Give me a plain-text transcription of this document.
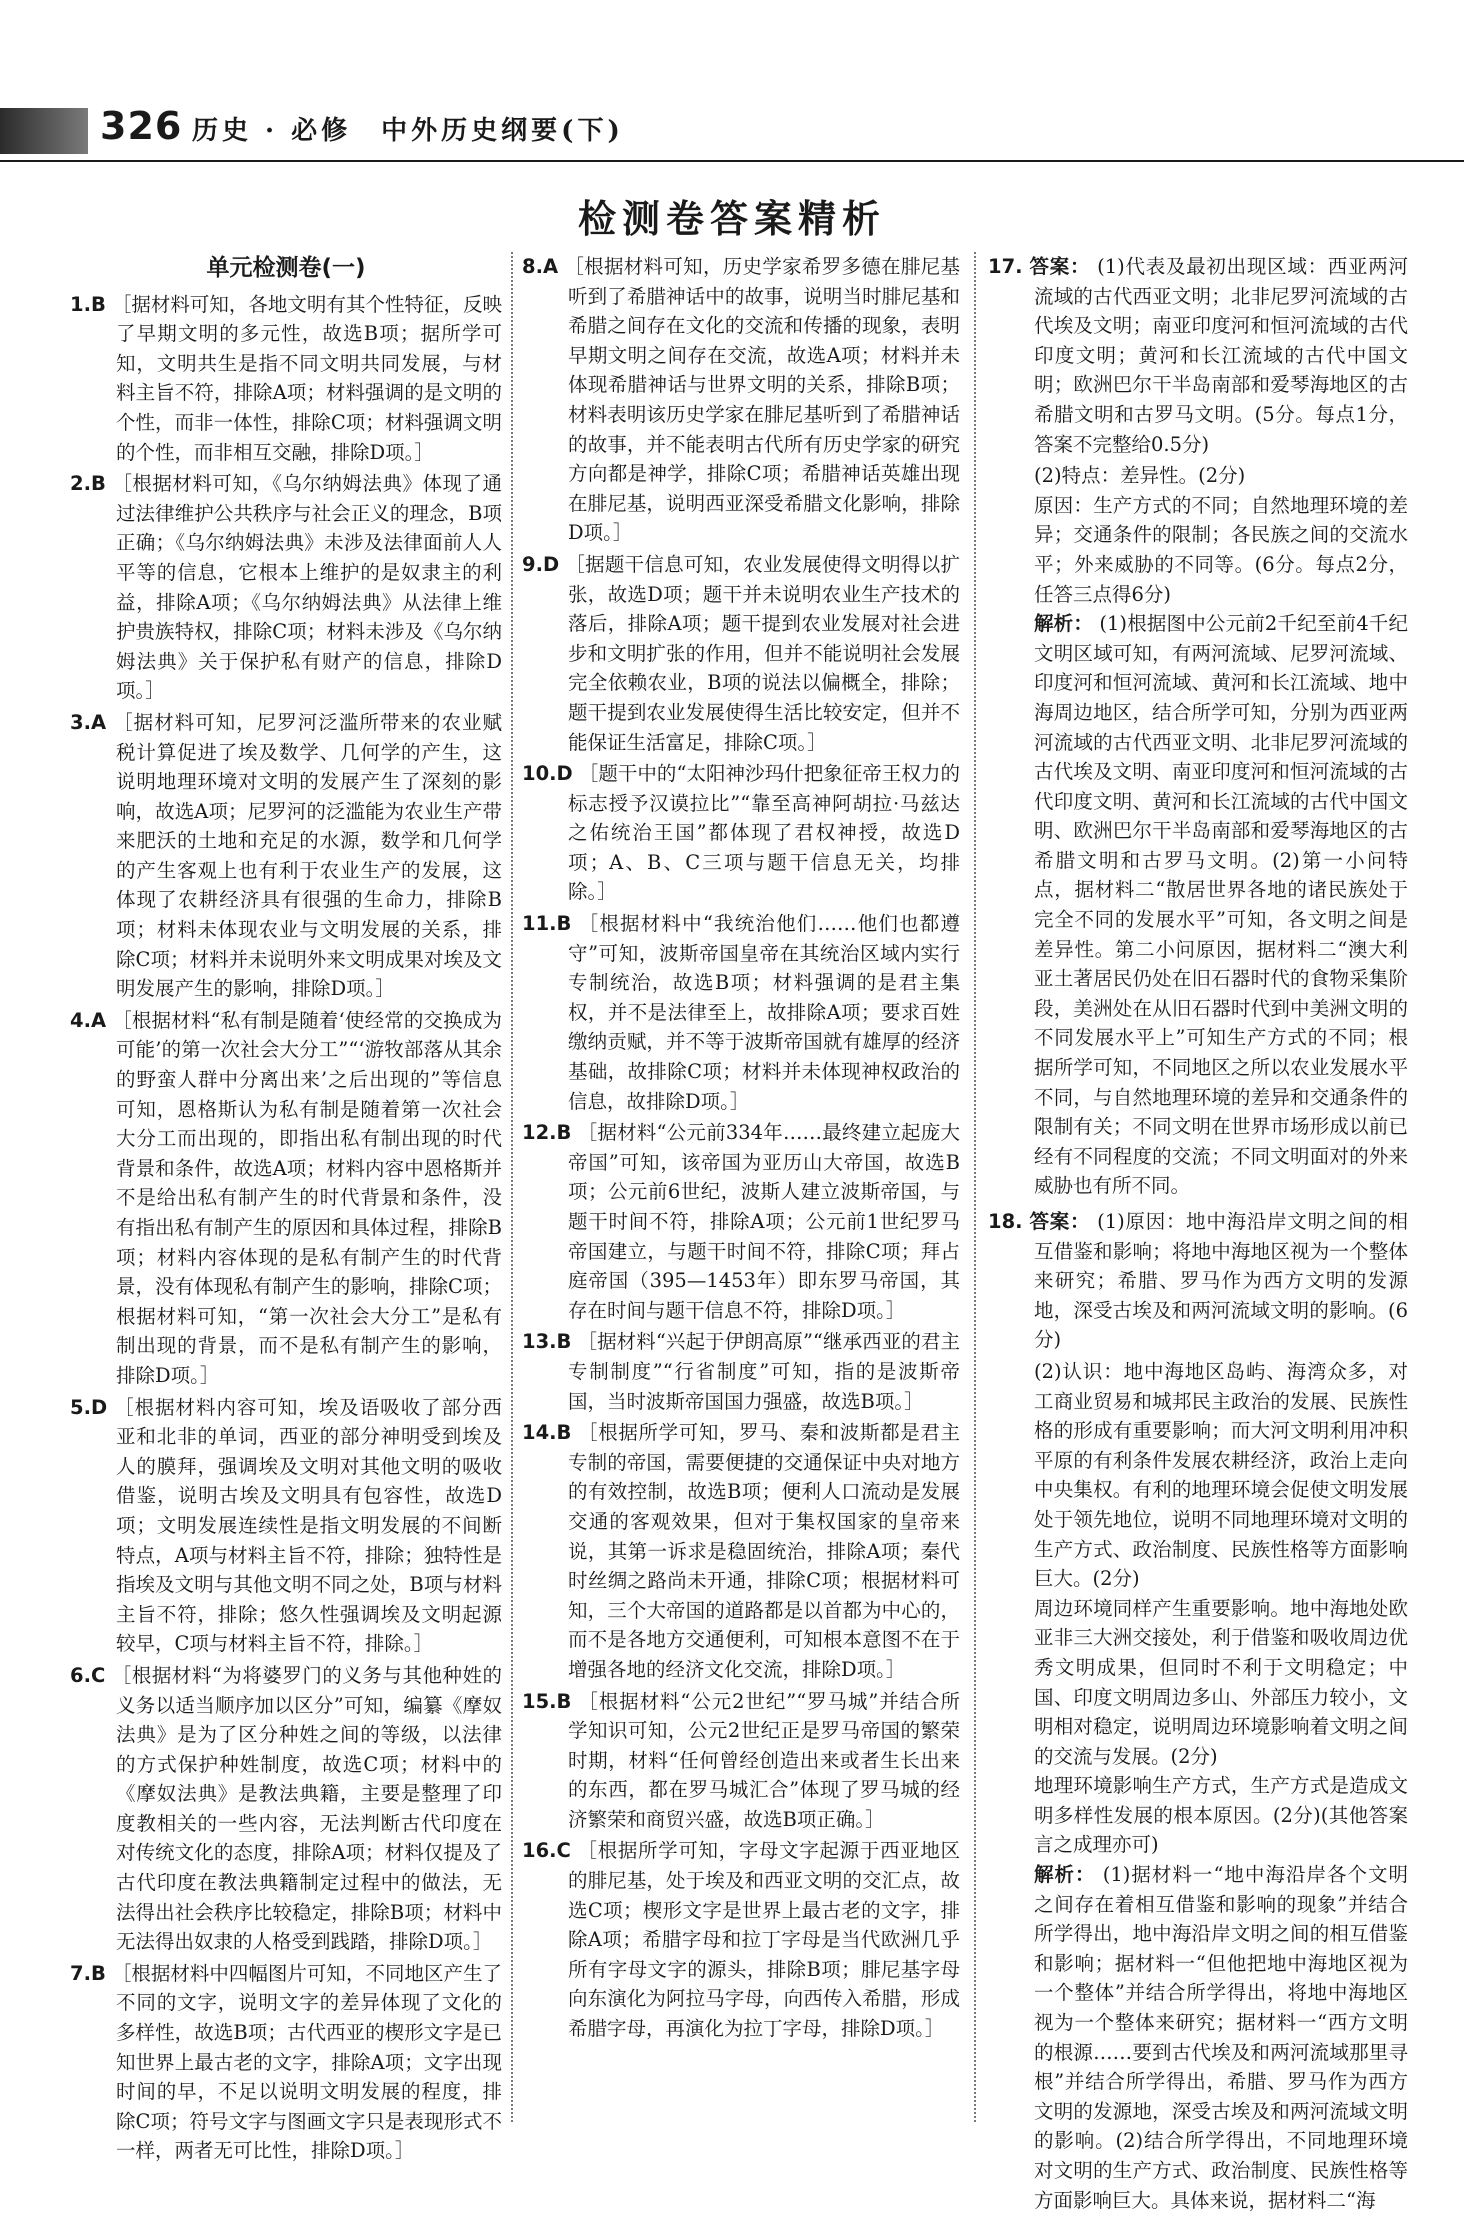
326 历史 · 必修　中外历史纲要(下)
检测卷答案精析
单元检测卷(一)
1.B ［据材料可知，各地文明有其个性特征，反映了早期文明的多元性，故选B项；据所学可知，文明共生是指不同文明共同发展，与材料主旨不符，排除A项；材料强调的是文明的个性，而非一体性，排除C项；材料强调文明的个性，而非相互交融，排除D项。］
2.B ［根据材料可知，《乌尔纳姆法典》体现了通过法律维护公共秩序与社会正义的理念，B项正确；《乌尔纳姆法典》未涉及法律面前人人平等的信息，它根本上维护的是奴隶主的利益，排除A项；《乌尔纳姆法典》从法律上维护贵族特权，排除C项；材料未涉及《乌尔纳姆法典》关于保护私有财产的信息，排除D项。］
3.A ［据材料可知，尼罗河泛滥所带来的农业赋税计算促进了埃及数学、几何学的产生，这说明地理环境对文明的发展产生了深刻的影响，故选A项；尼罗河的泛滥能为农业生产带来肥沃的土地和充足的水源，数学和几何学的产生客观上也有利于农业生产的发展，这体现了农耕经济具有很强的生命力，排除B项；材料未体现农业与文明发展的关系，排除C项；材料并未说明外来文明成果对埃及文明发展产生的影响，排除D项。］
4.A ［根据材料“私有制是随着‘使经常的交换成为可能’的第一次社会大分工”“‘游牧部落从其余的野蛮人群中分离出来’之后出现的”等信息可知，恩格斯认为私有制是随着第一次社会大分工而出现的，即指出私有制出现的时代背景和条件，故选A项；材料内容中恩格斯并不是给出私有制产生的时代背景和条件，没有指出私有制产生的原因和具体过程，排除B项；材料内容体现的是私有制产生的时代背景，没有体现私有制产生的影响，排除C项；根据材料可知，“第一次社会大分工”是私有制出现的背景，而不是私有制产生的影响，排除D项。］
5.D ［根据材料内容可知，埃及语吸收了部分西亚和北非的单词，西亚的部分神明受到埃及人的膜拜，强调埃及文明对其他文明的吸收借鉴，说明古埃及文明具有包容性，故选D项；文明发展连续性是指文明发展的不间断特点，A项与材料主旨不符，排除；独特性是指埃及文明与其他文明不同之处，B项与材料主旨不符，排除；悠久性强调埃及文明起源较早，C项与材料主旨不符，排除。］
6.C ［根据材料“为将婆罗门的义务与其他种姓的义务以适当顺序加以区分”可知，编纂《摩奴法典》是为了区分种姓之间的等级，以法律的方式保护种姓制度，故选C项；材料中的《摩奴法典》是教法典籍，主要是整理了印度教相关的一些内容，无法判断古代印度在对传统文化的态度，排除A项；材料仅提及了古代印度在教法典籍制定过程中的做法，无法得出社会秩序比较稳定，排除B项；材料中无法得出奴隶的人格受到践踏，排除D项。］
7.B ［根据材料中四幅图片可知，不同地区产生了不同的文字，说明文字的差异体现了文化的多样性，故选B项；古代西亚的楔形文字是已知世界上最古老的文字，排除A项；文字出现时间的早，不足以说明文明发展的程度，排除C项；符号文字与图画文字只是表现形式不一样，两者无可比性，排除D项。］
8.A ［根据材料可知，历史学家希罗多德在腓尼基听到了希腊神话中的故事，说明当时腓尼基和希腊之间存在文化的交流和传播的现象，表明早期文明之间存在交流，故选A项；材料并未体现希腊神话与世界文明的关系，排除B项；材料表明该历史学家在腓尼基听到了希腊神话的故事，并不能表明古代所有历史学家的研究方向都是神学，排除C项；希腊神话英雄出现在腓尼基，说明西亚深受希腊文化影响，排除D项。］
9.D ［据题干信息可知，农业发展使得文明得以扩张，故选D项；题干并未说明农业生产技术的落后，排除A项；题干提到农业发展对社会进步和文明扩张的作用，但并不能说明社会发展完全依赖农业，B项的说法以偏概全，排除；题干提到农业发展使得生活比较安定，但并不能保证生活富足，排除C项。］
10.D ［题干中的“太阳神沙玛什把象征帝王权力的标志授予汉谟拉比”“靠至高神阿胡拉·马兹达之佑统治王国”都体现了君权神授，故选D项；A、B、C三项与题干信息无关，均排除。］
11.B ［根据材料中“我统治他们……他们也都遵守”可知，波斯帝国皇帝在其统治区域内实行专制统治，故选B项；材料强调的是君主集权，并不是法律至上，故排除A项；要求百姓缴纳贡赋，并不等于波斯帝国就有雄厚的经济基础，故排除C项；材料并未体现神权政治的信息，故排除D项。］
12.B ［据材料“公元前334年……最终建立起庞大帝国”可知，该帝国为亚历山大帝国，故选B项；公元前6世纪，波斯人建立波斯帝国，与题干时间不符，排除A项；公元前1世纪罗马帝国建立，与题干时间不符，排除C项；拜占庭帝国（395—1453年）即东罗马帝国，其存在时间与题干信息不符，排除D项。］
13.B ［据材料“兴起于伊朗高原”“继承西亚的君主专制制度”“行省制度”可知，指的是波斯帝国，当时波斯帝国国力强盛，故选B项。］
14.B ［根据所学可知，罗马、秦和波斯都是君主专制的帝国，需要便捷的交通保证中央对地方的有效控制，故选B项；便利人口流动是发展交通的客观效果，但对于集权国家的皇帝来说，其第一诉求是稳固统治，排除A项；秦代时丝绸之路尚未开通，排除C项；根据材料可知，三个大帝国的道路都是以首都为中心的，而不是各地方交通便利，可知根本意图不在于增强各地的经济文化交流，排除D项。］
15.B ［根据材料“公元2世纪”“罗马城”并结合所学知识可知，公元2世纪正是罗马帝国的繁荣时期，材料“任何曾经创造出来或者生长出来的东西，都在罗马城汇合”体现了罗马城的经济繁荣和商贸兴盛，故选B项正确。］
16.C ［根据所学可知，字母文字起源于西亚地区的腓尼基，处于埃及和西亚文明的交汇点，故选C项；楔形文字是世界上最古老的文字，排除A项；希腊字母和拉丁字母是当代欧洲几乎所有字母文字的源头，排除B项；腓尼基字母向东演化为阿拉马字母，向西传入希腊，形成希腊字母，再演化为拉丁字母，排除D项。］
17. 答案： (1)代表及最初出现区域：西亚两河流域的古代西亚文明；北非尼罗河流域的古代埃及文明；南亚印度河和恒河流域的古代印度文明；黄河和长江流域的古代中国文明；欧洲巴尔干半岛南部和爱琴海地区的古希腊文明和古罗马文明。(5分。每点1分，答案不完整给0.5分)
(2)特点：差异性。(2分)
原因：生产方式的不同；自然地理环境的差异；交通条件的限制；各民族之间的交流水平；外来威胁的不同等。(6分。每点2分，任答三点得6分)
解析： (1)根据图中公元前2千纪至前4千纪文明区域可知，有两河流域、尼罗河流域、印度河和恒河流域、黄河和长江流域、地中海周边地区，结合所学可知，分别为西亚两河流域的古代西亚文明、北非尼罗河流域的古代埃及文明、南亚印度河和恒河流域的古代印度文明、黄河和长江流域的古代中国文明、欧洲巴尔干半岛南部和爱琴海地区的古希腊文明和古罗马文明。(2)第一小问特点，据材料二“散居世界各地的诸民族处于完全不同的发展水平”可知，各文明之间是差异性。第二小问原因，据材料二“澳大利亚土著居民仍处在旧石器时代的食物采集阶段，美洲处在从旧石器时代到中美洲文明的不同发展水平上”可知生产方式的不同；根据所学可知，不同地区之所以农业发展水平不同，与自然地理环境的差异和交通条件的限制有关；不同文明在世界市场形成以前已经有不同程度的交流；不同文明面对的外来威胁也有所不同。
18. 答案： (1)原因：地中海沿岸文明之间的相互借鉴和影响；将地中海地区视为一个整体来研究；希腊、罗马作为西方文明的发源地，深受古埃及和两河流域文明的影响。(6分)
(2)认识：地中海地区岛屿、海湾众多，对工商业贸易和城邦民主政治的发展、民族性格的形成有重要影响；而大河文明利用冲积平原的有利条件发展农耕经济，政治上走向中央集权。有利的地理环境会促使文明发展处于领先地位，说明不同地理环境对文明的生产方式、政治制度、民族性格等方面影响巨大。(2分)
周边环境同样产生重要影响。地中海地处欧亚非三大洲交接处，利于借鉴和吸收周边优秀文明成果，但同时不利于文明稳定；中国、印度文明周边多山、外部压力较小，文明相对稳定，说明周边环境影响着文明之间的交流与发展。(2分)
地理环境影响生产方式，生产方式是造成文明多样性发展的根本原因。(2分)(其他答案言之成理亦可)
解析： (1)据材料一“地中海沿岸各个文明之间存在着相互借鉴和影响的现象”并结合所学得出，地中海沿岸文明之间的相互借鉴和影响；据材料一“但他把地中海地区视为一个整体”并结合所学得出，将地中海地区视为一个整体来研究；据材料一“西方文明的根源……要到古代埃及和两河流域那里寻根”并结合所学得出，希腊、罗马作为西方文明的发源地，深受古埃及和两河流域文明的影响。(2)结合所学得出，不同地理环境对文明的生产方式、政治制度、民族性格等方面影响巨大。具体来说，据材料二“海
